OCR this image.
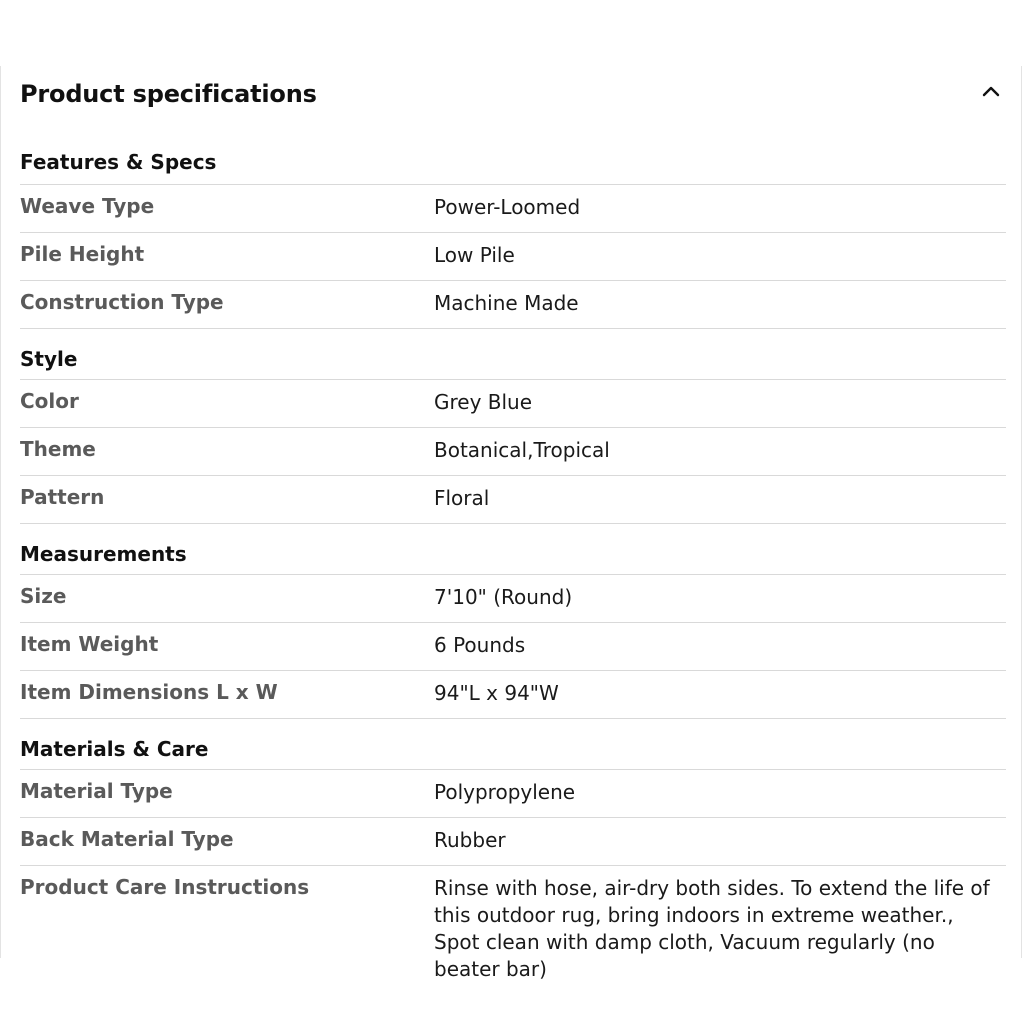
Product specifications
Features & Specs
Weave Type	Power-Loomed
Pile Height	Low Pile
Construction Type	Machine Made
Style
Color	Grey Blue
Theme	Botanical,Tropical
Pattern	Floral
Measurements
Size	7'10" (Round)
Item Weight	6 Pounds
Item Dimensions L x W	94"L x 94"W
Materials & Care
Material Type	Polypropylene
Back Material Type	Rubber
Product Care Instructions	Rinse with hose, air-dry both sides. To extend the life of this outdoor rug, bring indoors in extreme weather., Spot clean with damp cloth, Vacuum regularly (no beater bar)
